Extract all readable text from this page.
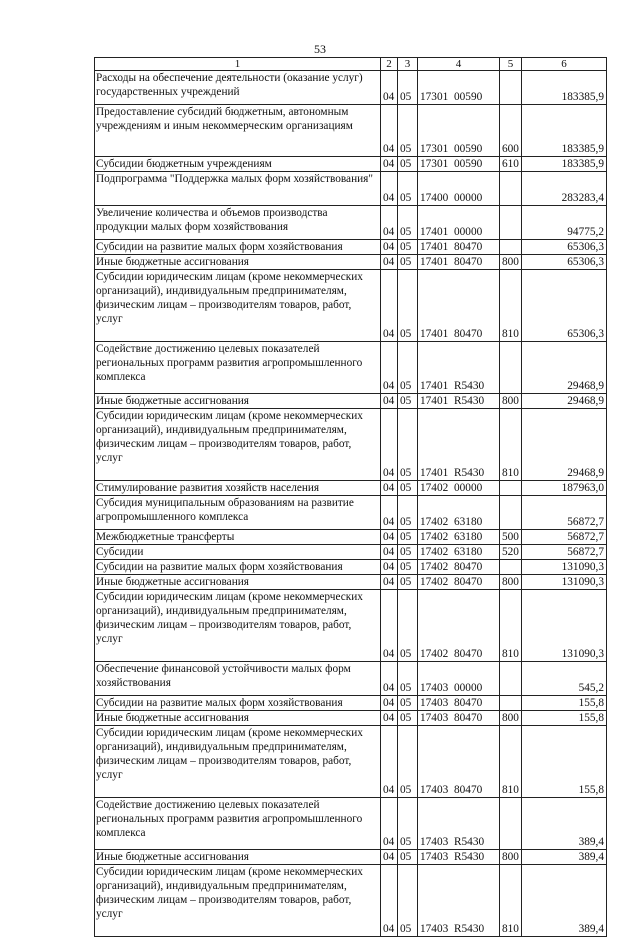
53
1	2	3	4	5	6
Расходы на обеспечение деятельности (оказание услуг) государственных учреждений	04	05	17301 00590		183385,9
Предоставление субсидий бюджетным, автономным учреждениям и иным некоммерческим организациям	04	05	17301 00590	600	183385,9
Субсидии бюджетным учреждениям	04	05	17301 00590	610	183385,9
Подпрограмма "Поддержка малых форм хозяйствования"	04	05	17400 00000		283283,4
Увеличение количества и объемов производства продукции малых форм хозяйствования	04	05	17401 00000		94775,2
Субсидии на развитие малых форм хозяйствования	04	05	17401 80470		65306,3
Иные бюджетные ассигнования	04	05	17401 80470	800	65306,3
Субсидии юридическим лицам (кроме некоммерческих организаций), индивидуальным предпринимателям, физическим лицам – производителям товаров, работ, услуг	04	05	17401 80470	810	65306,3
Содействие достижению целевых показателей региональных программ развития агропромышленного комплекса	04	05	17401 R5430		29468,9
Иные бюджетные ассигнования	04	05	17401 R5430	800	29468,9
Субсидии юридическим лицам (кроме некоммерческих организаций), индивидуальным предпринимателям, физическим лицам – производителям товаров, работ, услуг	04	05	17401 R5430	810	29468,9
Стимулирование развития хозяйств населения	04	05	17402 00000		187963,0
Субсидия муниципальным образованиям на развитие агропромышленного комплекса	04	05	17402 63180		56872,7
Межбюджетные трансферты	04	05	17402 63180	500	56872,7
Субсидии	04	05	17402 63180	520	56872,7
Субсидии на развитие малых форм хозяйствования	04	05	17402 80470		131090,3
Иные бюджетные ассигнования	04	05	17402 80470	800	131090,3
Субсидии юридическим лицам (кроме некоммерческих организаций), индивидуальным предпринимателям, физическим лицам – производителям товаров, работ, услуг	04	05	17402 80470	810	131090,3
Обеспечение финансовой устойчивости малых форм хозяйствования	04	05	17403 00000		545,2
Субсидии на развитие малых форм хозяйствования	04	05	17403 80470		155,8
Иные бюджетные ассигнования	04	05	17403 80470	800	155,8
Субсидии юридическим лицам (кроме некоммерческих организаций), индивидуальным предпринимателям, физическим лицам – производителям товаров, работ, услуг	04	05	17403 80470	810	155,8
Содействие достижению целевых показателей региональных программ развития агропромышленного комплекса	04	05	17403 R5430		389,4
Иные бюджетные ассигнования	04	05	17403 R5430	800	389,4
Субсидии юридическим лицам (кроме некоммерческих организаций), индивидуальным предпринимателям, физическим лицам – производителям товаров, работ, услуг	04	05	17403 R5430	810	389,4
